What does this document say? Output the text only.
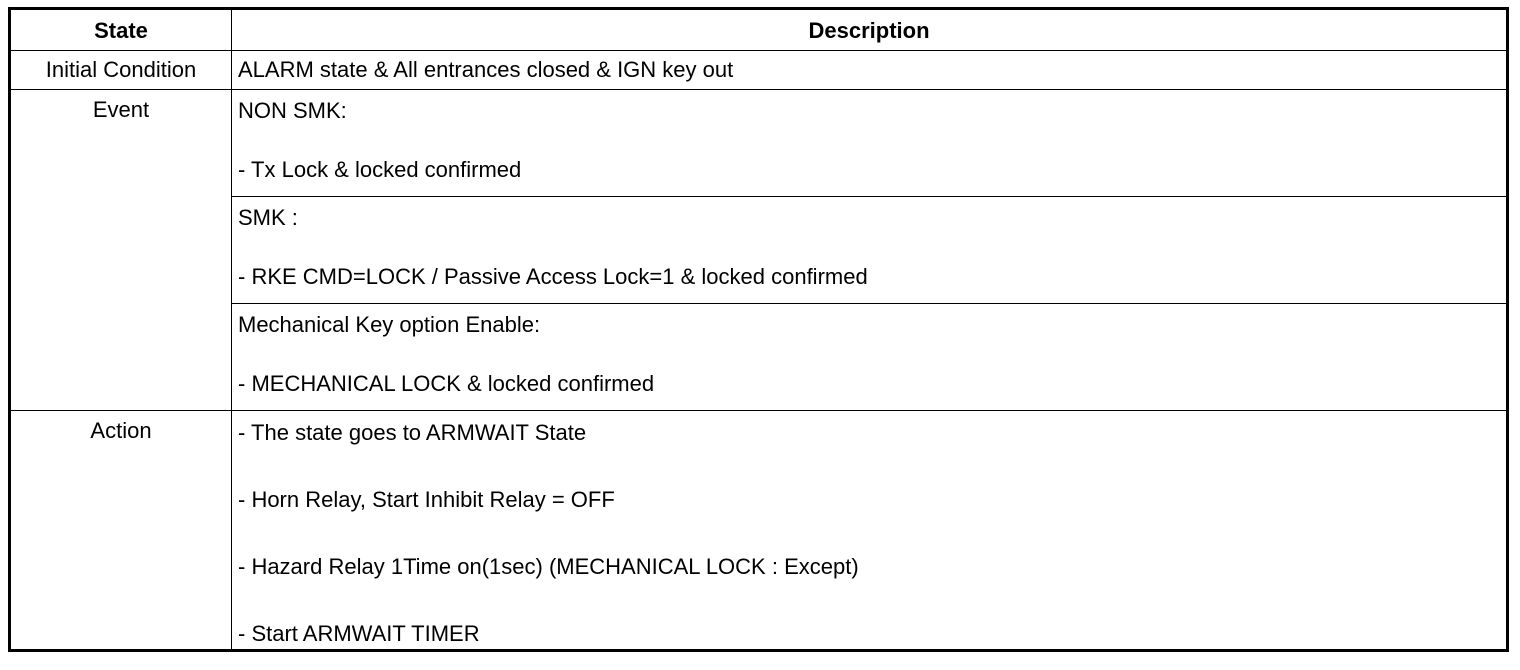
State	Description
Initial Condition	ALARM state & All entrances closed & IGN key out
Event	NON SMK:
- Tx Lock & locked confirmed

	SMK :
- RKE CMD=LOCK / Passive Access Lock=1 & locked confirmed

	Mechanical Key option Enable:
- MECHANICAL LOCK & locked confirmed

Action	- The state goes to ARMWAIT State
- Horn Relay, Start Inhibit Relay = OFF
- Hazard Relay 1Time on(1sec) (MECHANICAL LOCK : Except)
- Start ARMWAIT TIMER
